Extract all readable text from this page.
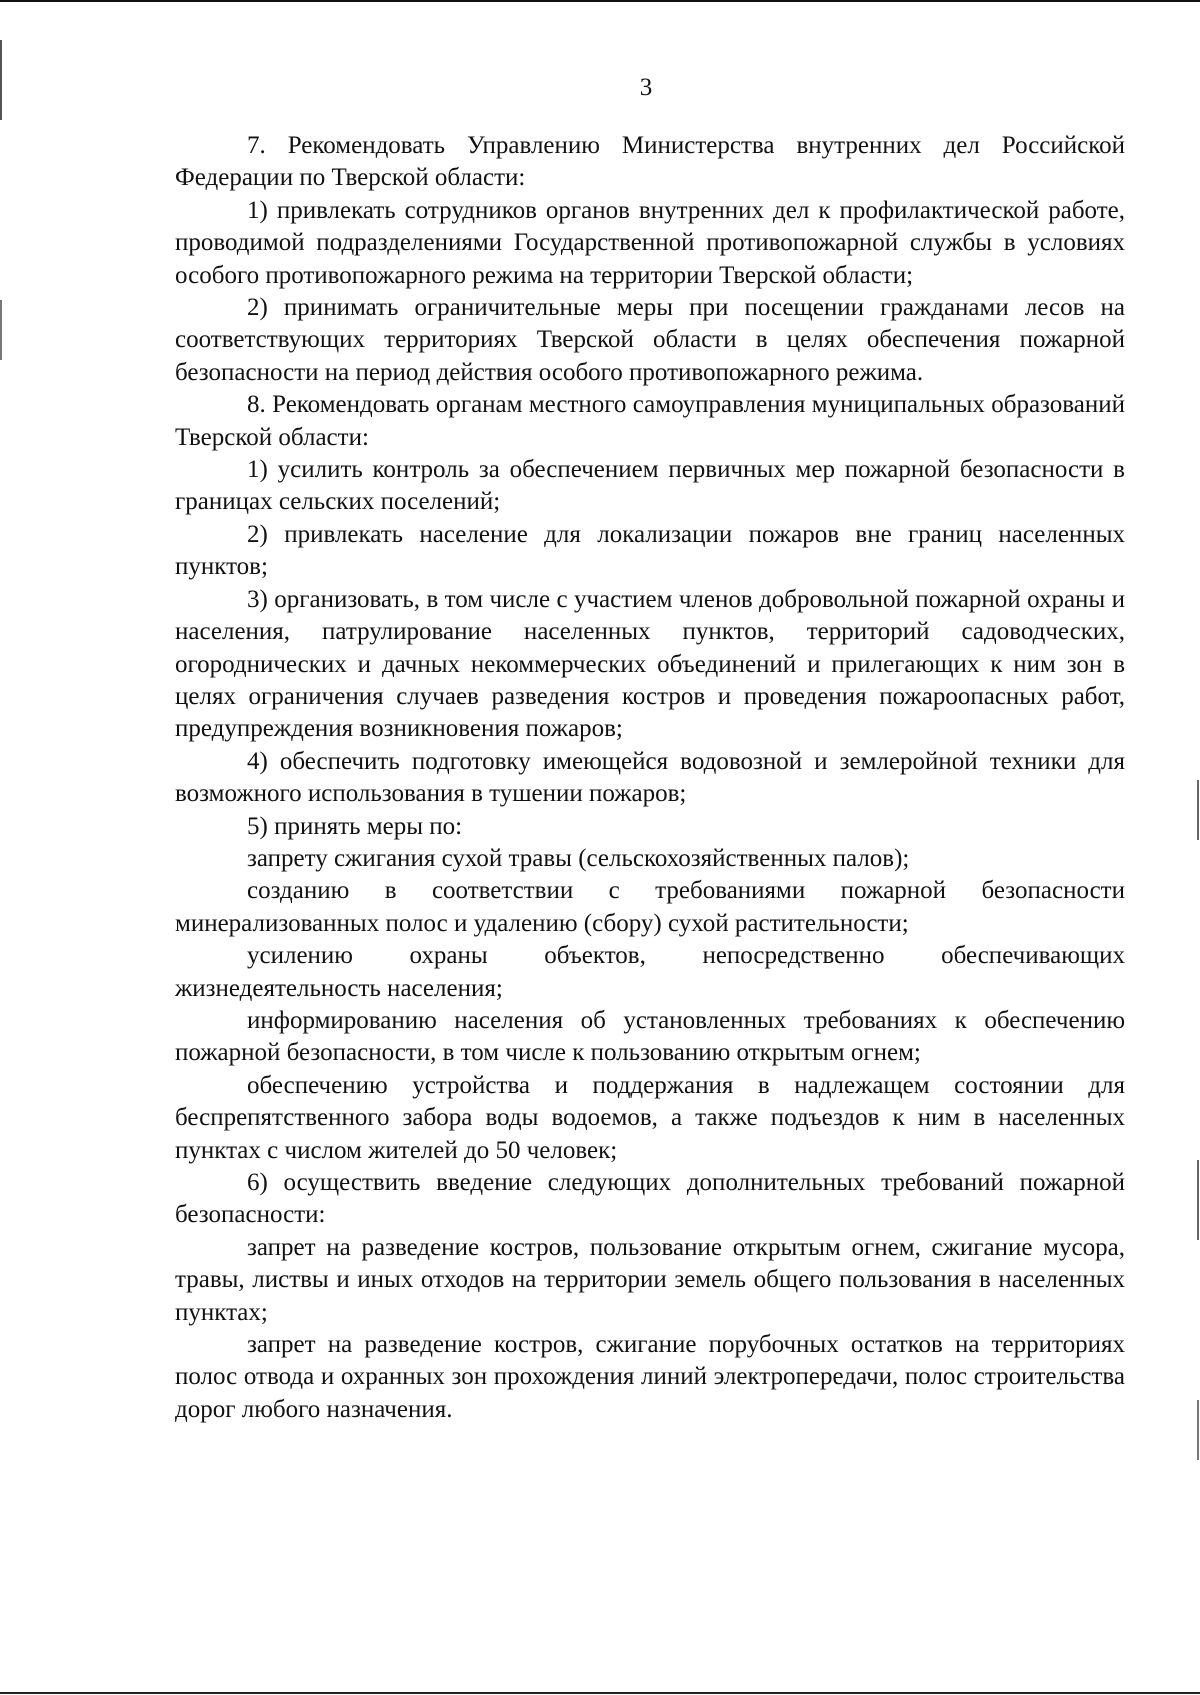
3

7. Рекомендовать Управлению Министерства внутренних дел Российской Федерации по Тверской области:

1) привлекать сотрудников органов внутренних дел к профилактической работе, проводимой подразделениями Государственной противопожарной службы в условиях особого противопожарного режима на территории Тверской области;

2) принимать ограничительные меры при посещении гражданами лесов на соответствующих территориях Тверской области в целях обеспечения пожарной безопасности на период действия особого противопожарного режима.

8. Рекомендовать органам местного самоуправления муниципальных образований Тверской области:

1) усилить контроль за обеспечением первичных мер пожарной безопасности в границах сельских поселений;

2) привлекать население для локализации пожаров вне границ населенных пунктов;

3) организовать, в том числе с участием членов добровольной пожарной охраны и населения, патрулирование населенных пунктов, территорий садоводческих, огороднических и дачных некоммерческих объединений и прилегающих к ним зон в целях ограничения случаев разведения костров и проведения пожароопасных работ, предупреждения возникновения пожаров;

4) обеспечить подготовку имеющейся водовозной и землеройной техники для возможного использования в тушении пожаров;

5) принять меры по:

запрету сжигания сухой травы (сельскохозяйственных палов);

созданию в соответствии с требованиями пожарной безопасности минерализованных полос и удалению (сбору) сухой растительности;

усилению охраны объектов, непосредственно обеспечивающих жизнедеятельность населения;

информированию населения об установленных требованиях к обеспечению пожарной безопасности, в том числе к пользованию открытым огнем;

обеспечению устройства и поддержания в надлежащем состоянии для беспрепятственного забора воды водоемов, а также подъездов к ним в населенных пунктах с числом жителей до 50 человек;

6) осуществить введение следующих дополнительных требований пожарной безопасности:

запрет на разведение костров, пользование открытым огнем, сжигание мусора, травы, листвы и иных отходов на территории земель общего пользования в населенных пунктах;

запрет на разведение костров, сжигание порубочных остатков на территориях полос отвода и охранных зон прохождения линий электропередачи, полос строительства дорог любого назначения.
